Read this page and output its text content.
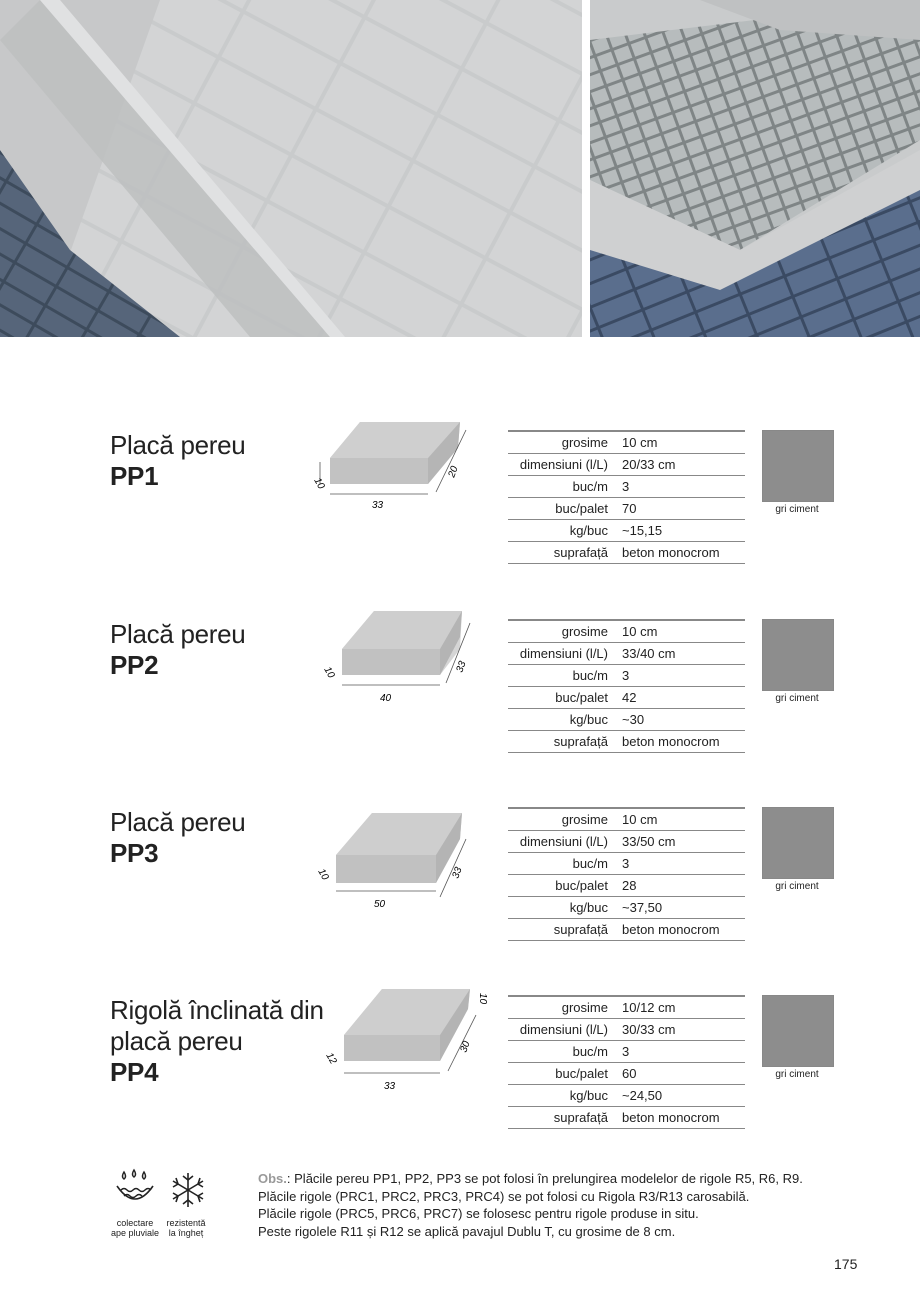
Placă pereu
PP1	10
33
20
grosime	10 cm
dimensiuni (l/L)	20/33 cm
buc/m	3
buc/palet	70
kg/buc	~15,15
suprafață	beton monocrom
gri ciment
Placă pereu
PP2	10
40
33
grosime	10 cm
dimensiuni (l/L)	33/40 cm
buc/m	3
buc/palet	42
kg/buc	~30
suprafață	beton monocrom
gri ciment
Placă pereu
PP3
10
50
33
grosime	10 cm
dimensiuni (l/L)	33/50 cm
buc/m	3
buc/palet	28
kg/buc	~37,50
suprafață	beton monocrom
gri ciment
Rigolă înclinată din
placă pereu
PP4	12
10
33
30
grosime	10/12 cm
dimensiuni (l/L)	30/33 cm
buc/m	3
buc/palet	60
kg/buc	~24,50
suprafață	beton monocrom
gri ciment
colectare
ape pluviale
rezistentă
la îngheț
Obs.: Plăcile pereu PP1, PP2, PP3 se pot folosi în prelungirea modelelor de rigole R5, R6, R9.
Plăcile rigole (PRC1, PRC2, PRC3, PRC4) se pot folosi cu Rigola R3/R13 carosabilă.
Plăcile rigole (PRC5, PRC6, PRC7) se folosesc pentru rigole produse in situ.
Peste rigolele R11 și R12 se aplică pavajul Dublu T, cu grosime de 8 cm.
175
